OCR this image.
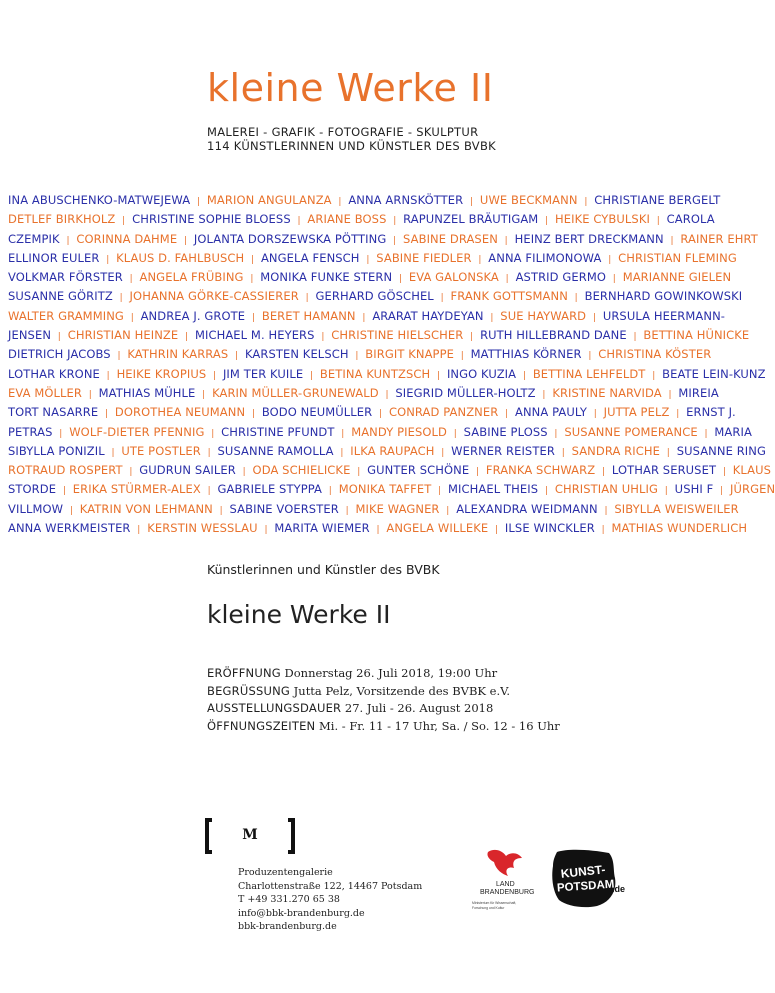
kleine Werke II
MALEREI - GRAFIK - FOTOGRAFIE - SKULPTUR
114 KÜNSTLERINNEN UND KÜNSTLER DES BVBK
INA ABUSCHENKO-MATWEJEWA | MARION ANGULANZA | ANNA ARNSKÖTTER | UWE BECKMANN | CHRISTIANE BERGELT
DETLEF BIRKHOLZ | CHRISTINE SOPHIE BLOESS | ARIANE BOSS | RAPUNZEL BRÄUTIGAM | HEIKE CYBULSKI | CAROLA
CZEMPIK | CORINNA DAHME | JOLANTA DORSZEWSKA PÖTTING | SABINE DRASEN | HEINZ BERT DRECKMANN | RAINER EHRT
ELLINOR EULER | KLAUS D. FAHLBUSCH | ANGELA FENSCH | SABINE FIEDLER | ANNA FILIMONOWA | CHRISTIAN FLEMING
VOLKMAR FÖRSTER | ANGELA FRÜBING | MONIKA FUNKE STERN | EVA GALONSKA | ASTRID GERMO | MARIANNE GIELEN
SUSANNE GÖRITZ | JOHANNA GÖRKE-CASSIERER | GERHARD GÖSCHEL | FRANK GOTTSMANN | BERNHARD GOWINKOWSKI
WALTER GRAMMING | ANDREA J. GROTE | BERET HAMANN | ARARAT HAYDEYAN | SUE HAYWARD | URSULA HEERMANN-
JENSEN | CHRISTIAN HEINZE | MICHAEL M. HEYERS | CHRISTINE HIELSCHER | RUTH HILLEBRAND DANE | BETTINA HÜNICKE
DIETRICH JACOBS | KATHRIN KARRAS | KARSTEN KELSCH | BIRGIT KNAPPE | MATTHIAS KÖRNER | CHRISTINA KÖSTER
LOTHAR KRONE | HEIKE KROPIUS | JIM TER KUILE | BETINA KUNTZSCH | INGO KUZIA | BETTINA LEHFELDT | BEATE LEIN-KUNZ
EVA MÖLLER | MATHIAS MÜHLE | KARIN MÜLLER-GRUNEWALD | SIEGRID MÜLLER-HOLTZ | KRISTINE NARVIDA | MIREIA
TORT NASARRE | DOROTHEA NEUMANN | BODO NEUMÜLLER | CONRAD PANZNER | ANNA PAULY | JUTTA PELZ | ERNST J.
PETRAS | WOLF-DIETER PFENNIG | CHRISTINE PFUNDT | MANDY PIESOLD | SABINE PLOSS | SUSANNE POMERANCE | MARIA
SIBYLLA PONIZIL | UTE POSTLER | SUSANNE RAMOLLA | ILKA RAUPACH | WERNER REISTER | SANDRA RICHE | SUSANNE RING
ROTRAUD ROSPERT | GUDRUN SAILER | ODA SCHIELICKE | GUNTER SCHÖNE | FRANKA SCHWARZ | LOTHAR SERUSET | KLAUS
STORDE | ERIKA STÜRMER-ALEX | GABRIELE STYPPA | MONIKA TAFFET | MICHAEL THEIS | CHRISTIAN UHLIG | USHI F | JÜRGEN
VILLMOW | KATRIN VON LEHMANN | SABINE VOERSTER | MIKE WAGNER | ALEXANDRA WEIDMANN | SIBYLLA WEISWEILER
ANNA WERKMEISTER | KERSTIN WESSLAU | MARITA WIEMER | ANGELA WILLEKE | ILSE WINCKLER | MATHIAS WUNDERLICH
Künstlerinnen und Künstler des BVBK
kleine Werke II
ERÖFFNUNG Donnerstag 26. Juli 2018, 19:00 Uhr
BEGRÜSSUNG Jutta Pelz, Vorsitzende des BVBK e.V.
AUSSTELLUNGSDAUER 27. Juli - 26. August 2018
ÖFFNUNGSZEITEN Mi. - Fr. 11 - 17 Uhr, Sa. / So. 12 - 16 Uhr
M
Produzentengalerie
Charlottenstraße 122, 14467 Potsdam
T +49 331.270 65 38
info@bbk-brandenburg.de
bbk-brandenburg.de
LAND
BRANDENBURG
Ministerium für Wissenschaft,
Forschung und Kultur
KUNST-
POTSDAM
.de
